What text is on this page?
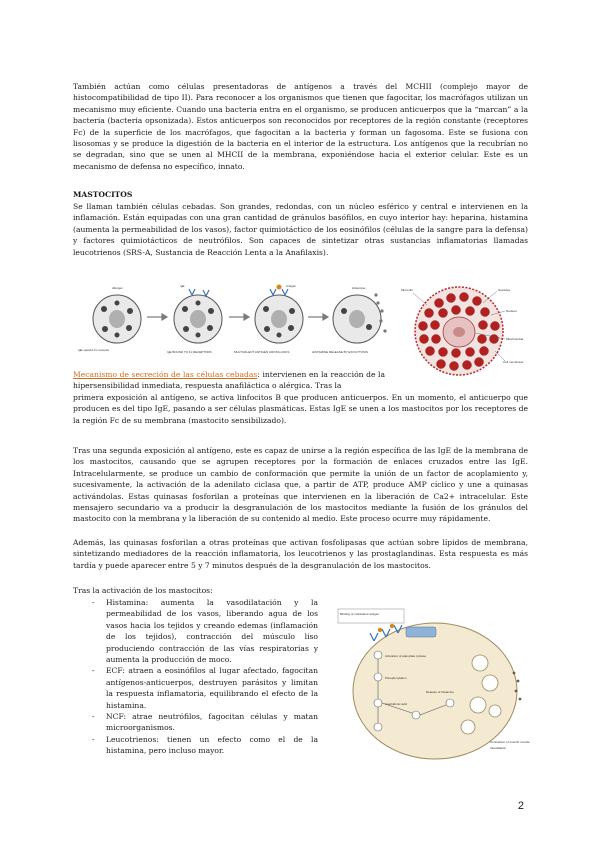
También actúan como células presentadoras de antígenos a través del MCHII (complejo mayor de histocompatibilidad de tipo II). Para reconocer a los organismos que tienen que fagocitar, los macrófagos utilizan un mecanismo muy eficiente. Cuando una bacteria entra en el organismo, se producen anticuerpos que la “marcan” a la bacteria (bacteria opsonizada). Estos anticuerpos son reconocidos por receptores de la región constante (receptores Fc) de la superficie de los macrófagos, que fagocitan a la bacteria y forman un fagosoma. Este se fusiona con lisosomas y se produce la digestión de la bacteria en el interior de la estructura. Los antígenos que la recubrían no se degradan, sino que se unen al MHCII de la membrana, exponiéndose hacia el exterior celular. Este es un mecanismo de defensa no específico, innato.

MASTOCITOS

Se llaman también células cebadas. Son grandes, redondas, con un núcleo esférico y central e intervienen en la inflamación. Están equipadas con una gran cantidad de gránulos basófilos, en cuyo interior hay: heparina, histamina (aumenta la permeabilidad de los vasos), factor quimiotáctico de los eosinófilos (células de la sangre para la defensa) y factores quimiotácticos de neutrófilos. Son capaces de sintetizar otras sustancias inflamatorias llamadas leucotrienos (SRS-A, Sustancia de Reacción Lenta a la Anafilaxis).

IgE specific Fc receptor	IgE BOUND TO Fc RECEPTORS	MULTIVALENT ANTIGEN CROSS-LINKS	HISTAMINE RELEASE BY EXOCYTOSIS
Allergen	IgE	Antigen	Histamine	Granules
Nucleus
Mitochondria
Cell membrane
Microvilli

Mecanismo de secreción de las células cebadas: intervienen en la reacción de la hipersensibilidad inmediata, respuesta anafiláctica o alérgica. Tras la

primera exposición al antígeno, se activa linfocitos B que producen anticuerpos. En un momento, el anticuerpo que producen es del tipo IgE, pasando a ser células plasmáticas. Estas IgE se unen a los mastocitos por los receptores de la región Fc de su membrana (mastocito sensibilizado).

Tras una segunda exposición al antígeno, este es capaz de unirse a la región específica de las IgE de la membrana de los mastocitos, causando que se agrupen receptores por la formación de enlaces cruzados entre las IgE. Intracelularmente, se produce un cambio de conformación que permite la unión de un factor de acoplamiento y, sucesivamente, la activación de la adenilato ciclasa que, a partir de ATP, produce AMP cíclico y une a quinasas activándolas. Estas quinasas fosforilan a proteínas que intervienen en la liberación de Ca2+ intracelular. Este mensajero secundario va a producir la desgranulación de los mastocitos mediante la fusión de los gránulos del mastocito con la membrana y la liberación de su contenido al medio. Este proceso ocurre muy rápidamente.

Además, las quinasas fosforilan a otras proteínas que activan fosfolipasas que actúan sobre lípidos de membrana, sintetizando mediadores de la reacción inflamatoria, los leucotrienos y las prostaglandinas. Esta respuesta es más tardía y puede aparecer entre 5 y 7 minutos después de la desgranulación de los mastocitos.

Tras la activación de los mastocitos:

- Histamina: aumenta la vasodilatación y la permeabilidad de los vasos, liberando agua de los vasos hacia los tejidos y creando edemas (inflamación de los tejidos), contracción del músculo liso produciendo contracción de las vías respiratorias y aumenta la producción de moco.
- ECF: atraen a eosinófilos al lugar afectado, fagocitan antígenos-anticuerpos, destruyen parásitos y limitan la respuesta inflamatoria, equilibrando el efecto de la histamina.
- NCF: atrae neutrófilos, fagocitan células y matan microorganismos.
- Leucotrienos: tienen un efecto como el de la histamina, pero incluso mayor.
Binding of multivalent antigen
Activation of adenylate cyclase
Phosphorylation
Arachidonic acid
Release of histamine
Contraction of smooth muscle
Vasodilation
2
